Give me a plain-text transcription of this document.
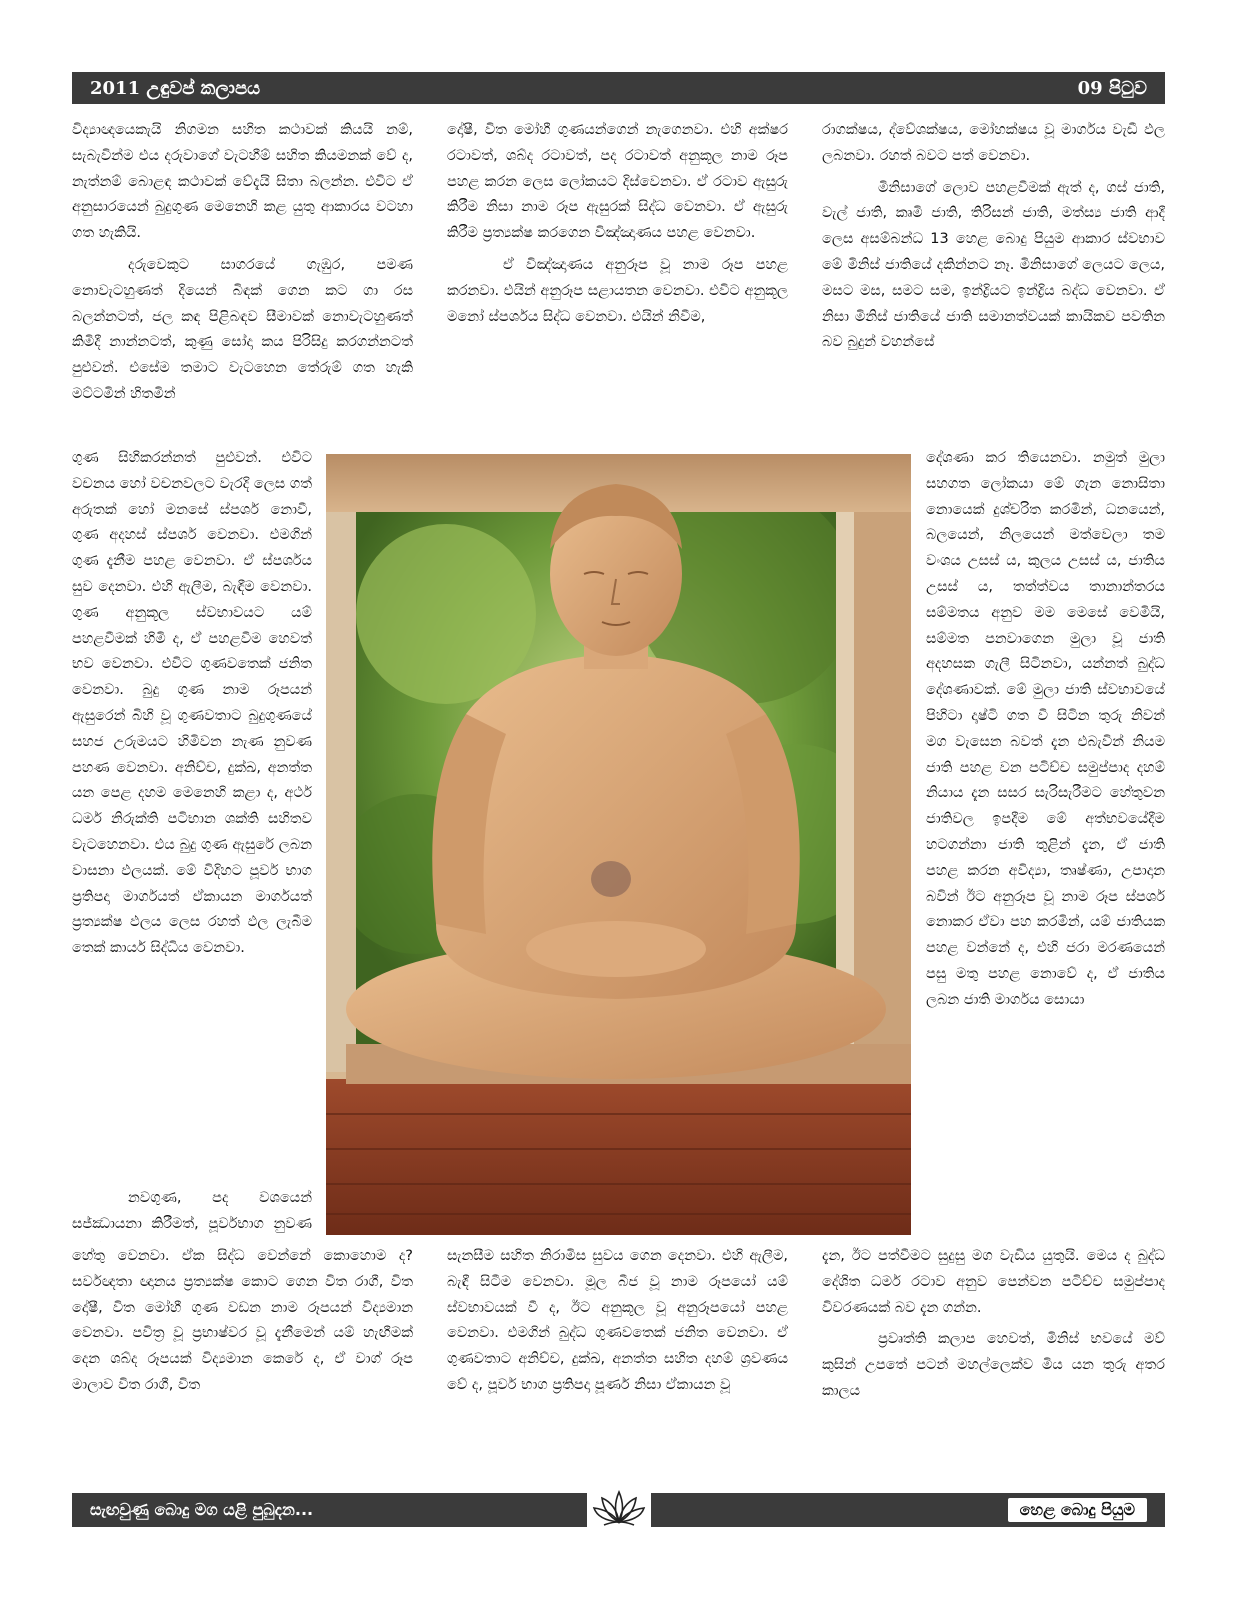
2011 උඳුවප් කලාපය	09 පිටුව

විද්‍යාඥයෙකැයි නිගමන සහිත කථාවක් කියයි නම්, සැබැවින්ම එය දරුවාගේ වැටහීම් සහිත කියමනක් වේ ද, නැත්නම් බොළඳ කථාවක් වේදැයි සිතා බලන්න. එවිට ඒ අනුසාරයෙන් බුදුගුණ මෙනෙහි කළ යුතු ආකාරය වටහා ගත හැකියි.

දරුවෙකුට සාගරයේ ගැඹුර, පමණ නොවැටහුණත් දියෙන් බිඳක් ගෙන කට ගා රස බලන්නටත්, ජල කඳ පිළිබඳව සීමාවක් නොවැටහුණත් කිමිදී නාන්නටත්, කුණු සෝදා කය පිරිසිදු කරගන්නටත් පුළුවන්. එසේම තමාට වැටහෙන තේරුම් ගත හැකි මට්ටමින් හිතමින්

ගුණ සිහිකරන්නත් පුළුවන්. එවිට වචනය හෝ වචනවලට වැරදි ලෙස ගත් අරුතක් හෝ මනසේ ස්පර්ශ නොවී, ගුණ අදහස් ස්පර්ශ වෙනවා. එමගින් ගුණ දැනීම පහළ වෙනවා. ඒ ස්පර්ශය සුව දෙනවා. එහි ඇලීම, බැඳීම වෙනවා. ගුණ අනුකූල ස්වභාවයට යම් පහළවීමක් හිමි ද, ඒ පහළවීම හෙවත් භව වෙනවා. එවිට ගුණවතෙක් ජනිත වෙනවා. බුදු ගුණ නාම රූපයන් ඇසුරෙන් බිහි වූ ගුණවතාට බුදුගුණයේ සහජ උරුමයට හිමිවන නැණ නුවණ පහණ වෙනවා. අනිච්ච, දුක්ඛ, අනත්ත යන පෙළ දහම මෙනෙහි කළා ද, අර්ථ ධර්ම නිරුක්ති පටිභාන ශක්ති සහිතව වැටහෙනවා. එය බුදු ගුණ ඇසුරේ ලබන වාසනා ඵලයක්. මේ විදිහට පූර්ව භාග ප්‍රතිපදා මාර්ගයත් ඒකායන මාර්ගයත් ප්‍රත්‍යක්ෂ ඵලය ලෙස රහත් ඵල ලැබීම තෙක් කාර්ය සිද්ධිය වෙනවා.

නවගුණ, පද වශයෙන් සජ්ඣායනා කිරීමත්, පූර්වභාග නුවණ

හේතු වෙනවා. ඒක සිද්ධ වෙන්නේ කොහොම ද? සර්වඥතා ඥානය ප්‍රත්‍යක්ෂ කොට ගෙන විත රාගී, විත දෝෂී, විත මෝහී ගුණ වඩන නාම රූපයන් විද්‍යමාන වෙනවා. පවිත්‍ර වූ ප්‍රභාෂ්වර වූ දැනීමෙන් යම් හැඟීමක් දෙන ශබ්ද රූපයක් විද්‍යමාන කෙරේ ද, ඒ වාග් රූප මාලාව විත රාගී, විත

දෝෂී, විත මෝහී ගුණයන්ගෙන් නැගෙනවා. එහි අක්ෂර රටාවත්, ශබ්ද රටාවත්, පද රටාවත් අනුකූල නාම රූප පහළ කරන ලෙස ලෝකයට දිස්වෙනවා. ඒ රටාව ඇසුරු කිරීම නිසා නාම රූප ඇසුරක් සිද්ධ වෙනවා. ඒ ඇසුරු කිරීම ප්‍රත්‍යක්ෂ කරගෙන විඤ්ඤාණය පහළ වෙනවා.

ඒ විඤ්ඤාණය අනුරූප වූ නාම රූප පහළ කරනවා. එයින් අනුරූප සළායතන වෙනවා. එවිට අනුකූල මනෝ ස්පර්ශය සිද්ධ වෙනවා. එයින් නිවීම,

සැනසීම සහිත නිරාමිස සුවය ගෙන දෙනවා. එහි ඇලීම, බැඳී සිටීම වෙනවා. මූල බීජ වූ නාම රූපයෝ යම් ස්වභාවයක් වී ද, ඊට අනුකූල වූ අනුරූපයෝ පහළ වෙනවා. එමගින් බුද්ධ ගුණවතෙක් ජනිත වෙනවා. ඒ ගුණවතාට අනිච්ච, දුක්ඛ, අනත්ත සහිත දහම් ශ්‍රවණය වේ ද, පූර්ව භාග ප්‍රතිපදා පූර්ණ නිසා ඒකායන වූ

රාගක්ෂය, ද්වේශක්ෂය, මෝහක්ෂය වූ මාර්ගය වැඩී ඵල ලබනවා. රහත් බවට පත් වෙනවා.

මිනිසාගේ ලොව පහළවීමක් ඇත් ද, ගස් ජාති, වැල් ජාති, කෘමි ජාති, තිරිසන් ජාති, මත්ස්‍ය ජාති ආදී ලෙස අසම්බන්ධ 13 හෙළ බොදු පියුම ආකාර ස්වභාව මේ මිනිස් ජාතියේ දකින්නට නෑ. මිනිසාගේ ලෙයට ලෙය, මසට මස, සමට සම, ඉන්ද්‍රියට ඉන්ද්‍රිය බද්ධ වෙනවා. ඒ නිසා මිනිස් ජාතියේ ජාති සමානත්වයක් කායිකව පවතින බව බුදුන් වහන්සේ

දේශණා කර තියෙනවා. නමුත් මුලා සහගත ලෝකයා මේ ගැන නොසිතා නොයෙක් දුශ්චරිත කරමින්, ධනයෙන්, බලයෙන්, නිලයෙන් මත්වෙලා තම වංශය උසස් ය, කුලය උසස් ය, ජාතිය උසස් ය, තත්ත්වය තානාන්තරය සම්මතය අනුව මම මෙසේ වෙමියි, සම්මත පනවාගෙන මුලා වූ ජාති අදහසක ගැලී සිටිනවා, යන්නත් බුද්ධ දේශණාවක්. මේ මුලා ජාති ස්වභාවයේ පිහිටා දෘෂ්ටි ගත වී සිටින තුරු නිවන් මග වැසෙන බවත් දැන එබැවින් නියම ජාති පහළ වන පටිච්ච සමුප්පාද දහම් නියාය දැන සසර සැරිසැරීමට හේතුවන ජාතිවල ඉපදීම මේ අත්භවයේදීම හටගන්නා ජාති තුළින් දැන, ඒ ජාති පහළ කරන අවිද්‍යා, තෘෂ්ණා, උපාදාන බවින් ඊට අනුරූප වූ නාම රූප ස්පර්ශ නොකර ඒවා පහ කරමින්, යම් ජාතියක පහළ වන්නේ ද, එහි ජරා මරණයෙන් පසු මතු පහළ නොවේ ද, ඒ ජාතිය ලබන ජාති මාර්ගය සොයා

දැන, ඊට පත්වීමට සුදුසු මග වැඩිය යුතුයි. මෙය ද බුද්ධ දේශිත ධර්ම රටාව අනුව පෙන්වන පටිච්ච සමුප්පාද විවරණයක් බව දැන ගන්න.

ප්‍රවෘත්ති කලාප හෙවත්, මිනිස් භවයේ මව් කුසින් උපතේ පටන් මහල්ලෙක්ව මිය යන තුරු අතර කාලය

සැඟවුණු බොදු මග යළි පුබුදන...	හෙළ බොදු පියුම
